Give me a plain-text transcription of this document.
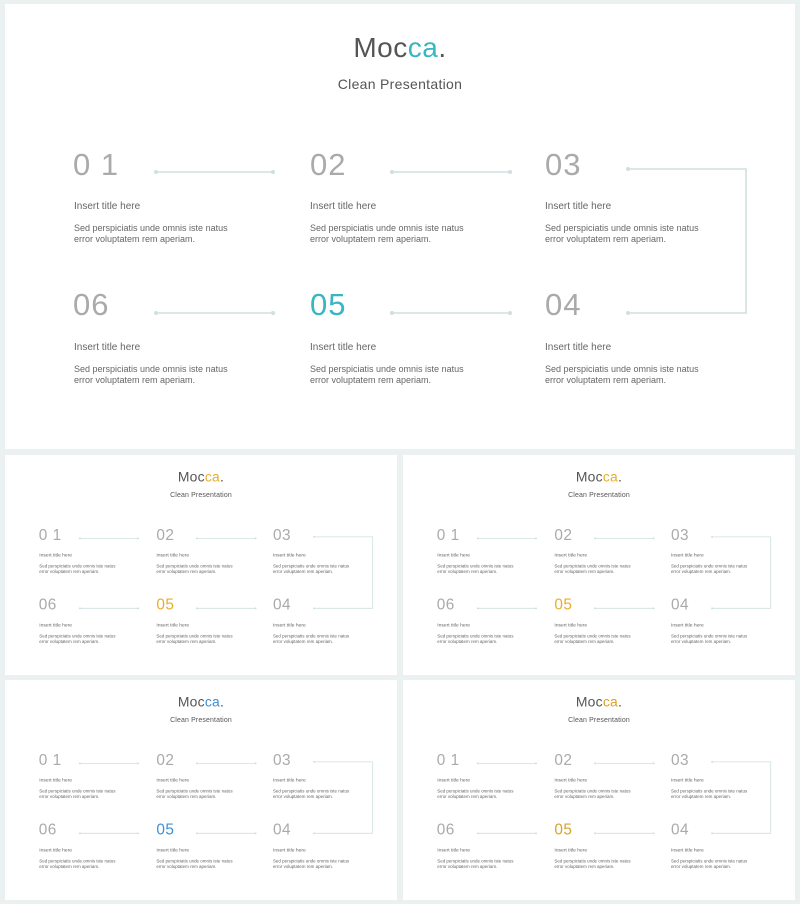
Mocca.
Clean Presentation
0 1
Insert title here
Sed perspiciatis unde omnis iste natus
error voluptatem rem aperiam.
02
Insert title here
Sed perspiciatis unde omnis iste natus
error voluptatem rem aperiam.
03
Insert title here
Sed perspiciatis unde omnis iste natus
error voluptatem rem aperiam.
06
Insert title here
Sed perspiciatis unde omnis iste natus
error voluptatem rem aperiam.
05
Insert title here
Sed perspiciatis unde omnis iste natus
error voluptatem rem aperiam.
04
Insert title here
Sed perspiciatis unde omnis iste natus
error voluptatem rem aperiam.
Mocca.
Clean Presentation
0 1
Insert title here
Sed perspiciatis unde omnis iste natus
error voluptatem rem aperiam.
02
Insert title here
Sed perspiciatis unde omnis iste natus
error voluptatem rem aperiam.
03
Insert title here
Sed perspiciatis unde omnis iste natus
error voluptatem rem aperiam.
06
Insert title here
Sed perspiciatis unde omnis iste natus
error voluptatem rem aperiam.
05
Insert title here
Sed perspiciatis unde omnis iste natus
error voluptatem rem aperiam.
04
Insert title here
Sed perspiciatis unde omnis iste natus
error voluptatem rem aperiam.
Mocca.
Clean Presentation
0 1
Insert title here
Sed perspiciatis unde omnis iste natus
error voluptatem rem aperiam.
02
Insert title here
Sed perspiciatis unde omnis iste natus
error voluptatem rem aperiam.
03
Insert title here
Sed perspiciatis unde omnis iste natus
error voluptatem rem aperiam.
06
Insert title here
Sed perspiciatis unde omnis iste natus
error voluptatem rem aperiam.
05
Insert title here
Sed perspiciatis unde omnis iste natus
error voluptatem rem aperiam.
04
Insert title here
Sed perspiciatis unde omnis iste natus
error voluptatem rem aperiam.
Mocca.
Clean Presentation
0 1
Insert title here
Sed perspiciatis unde omnis iste natus
error voluptatem rem aperiam.
02
Insert title here
Sed perspiciatis unde omnis iste natus
error voluptatem rem aperiam.
03
Insert title here
Sed perspiciatis unde omnis iste natus
error voluptatem rem aperiam.
06
Insert title here
Sed perspiciatis unde omnis iste natus
error voluptatem rem aperiam.
05
Insert title here
Sed perspiciatis unde omnis iste natus
error voluptatem rem aperiam.
04
Insert title here
Sed perspiciatis unde omnis iste natus
error voluptatem rem aperiam.
Mocca.
Clean Presentation
0 1
Insert title here
Sed perspiciatis unde omnis iste natus
error voluptatem rem aperiam.
02
Insert title here
Sed perspiciatis unde omnis iste natus
error voluptatem rem aperiam.
03
Insert title here
Sed perspiciatis unde omnis iste natus
error voluptatem rem aperiam.
06
Insert title here
Sed perspiciatis unde omnis iste natus
error voluptatem rem aperiam.
05
Insert title here
Sed perspiciatis unde omnis iste natus
error voluptatem rem aperiam.
04
Insert title here
Sed perspiciatis unde omnis iste natus
error voluptatem rem aperiam.
